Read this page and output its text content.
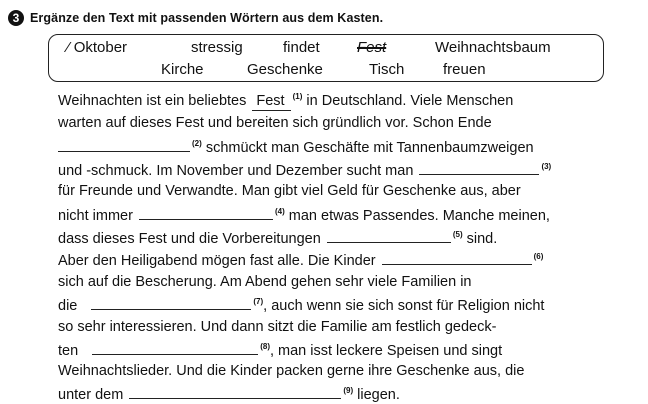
3 Ergänze den Text mit passenden Wörtern aus dem Kasten.
⁄ Oktober	stressig	findet Fest	Weihnachtsbaum
Kirche	Geschenke	Tisch	freuen
Weihnachten ist ein beliebtes Fest $^{(1)}$ in Deutschland. Viele Menschen
warten auf dieses Fest und bereiten sich gründlich vor. Schon Ende
$^{(2)}$ schmückt man Geschäfte mit Tannenbaumzweigen
und -schmuck. Im November und Dezember sucht man	$^{(3)}$
für Freunde und Verwandte. Man gibt viel Geld für Geschenke aus, aber
nicht immer	$^{(4)}$ man etwas Passendes. Manche meinen,
dass dieses Fest und die Vorbereitungen	$^{(5)}$ sind.
Aber den Heiligabend mögen fast alle. Die Kinder	$^{(6)}$
sich auf die Bescherung. Am Abend gehen sehr viele Familien in
die	$^{(7)}$, auch wenn sie sich sonst für Religion nicht
so sehr interessieren. Und dann sitzt die Familie am festlich gedeck-
ten	$^{(8)}$, man isst leckere Speisen und singt
Weihnachtslieder. Und die Kinder packen gerne ihre Geschenke aus, die
unter dem	$^{(9)}$ liegen.
